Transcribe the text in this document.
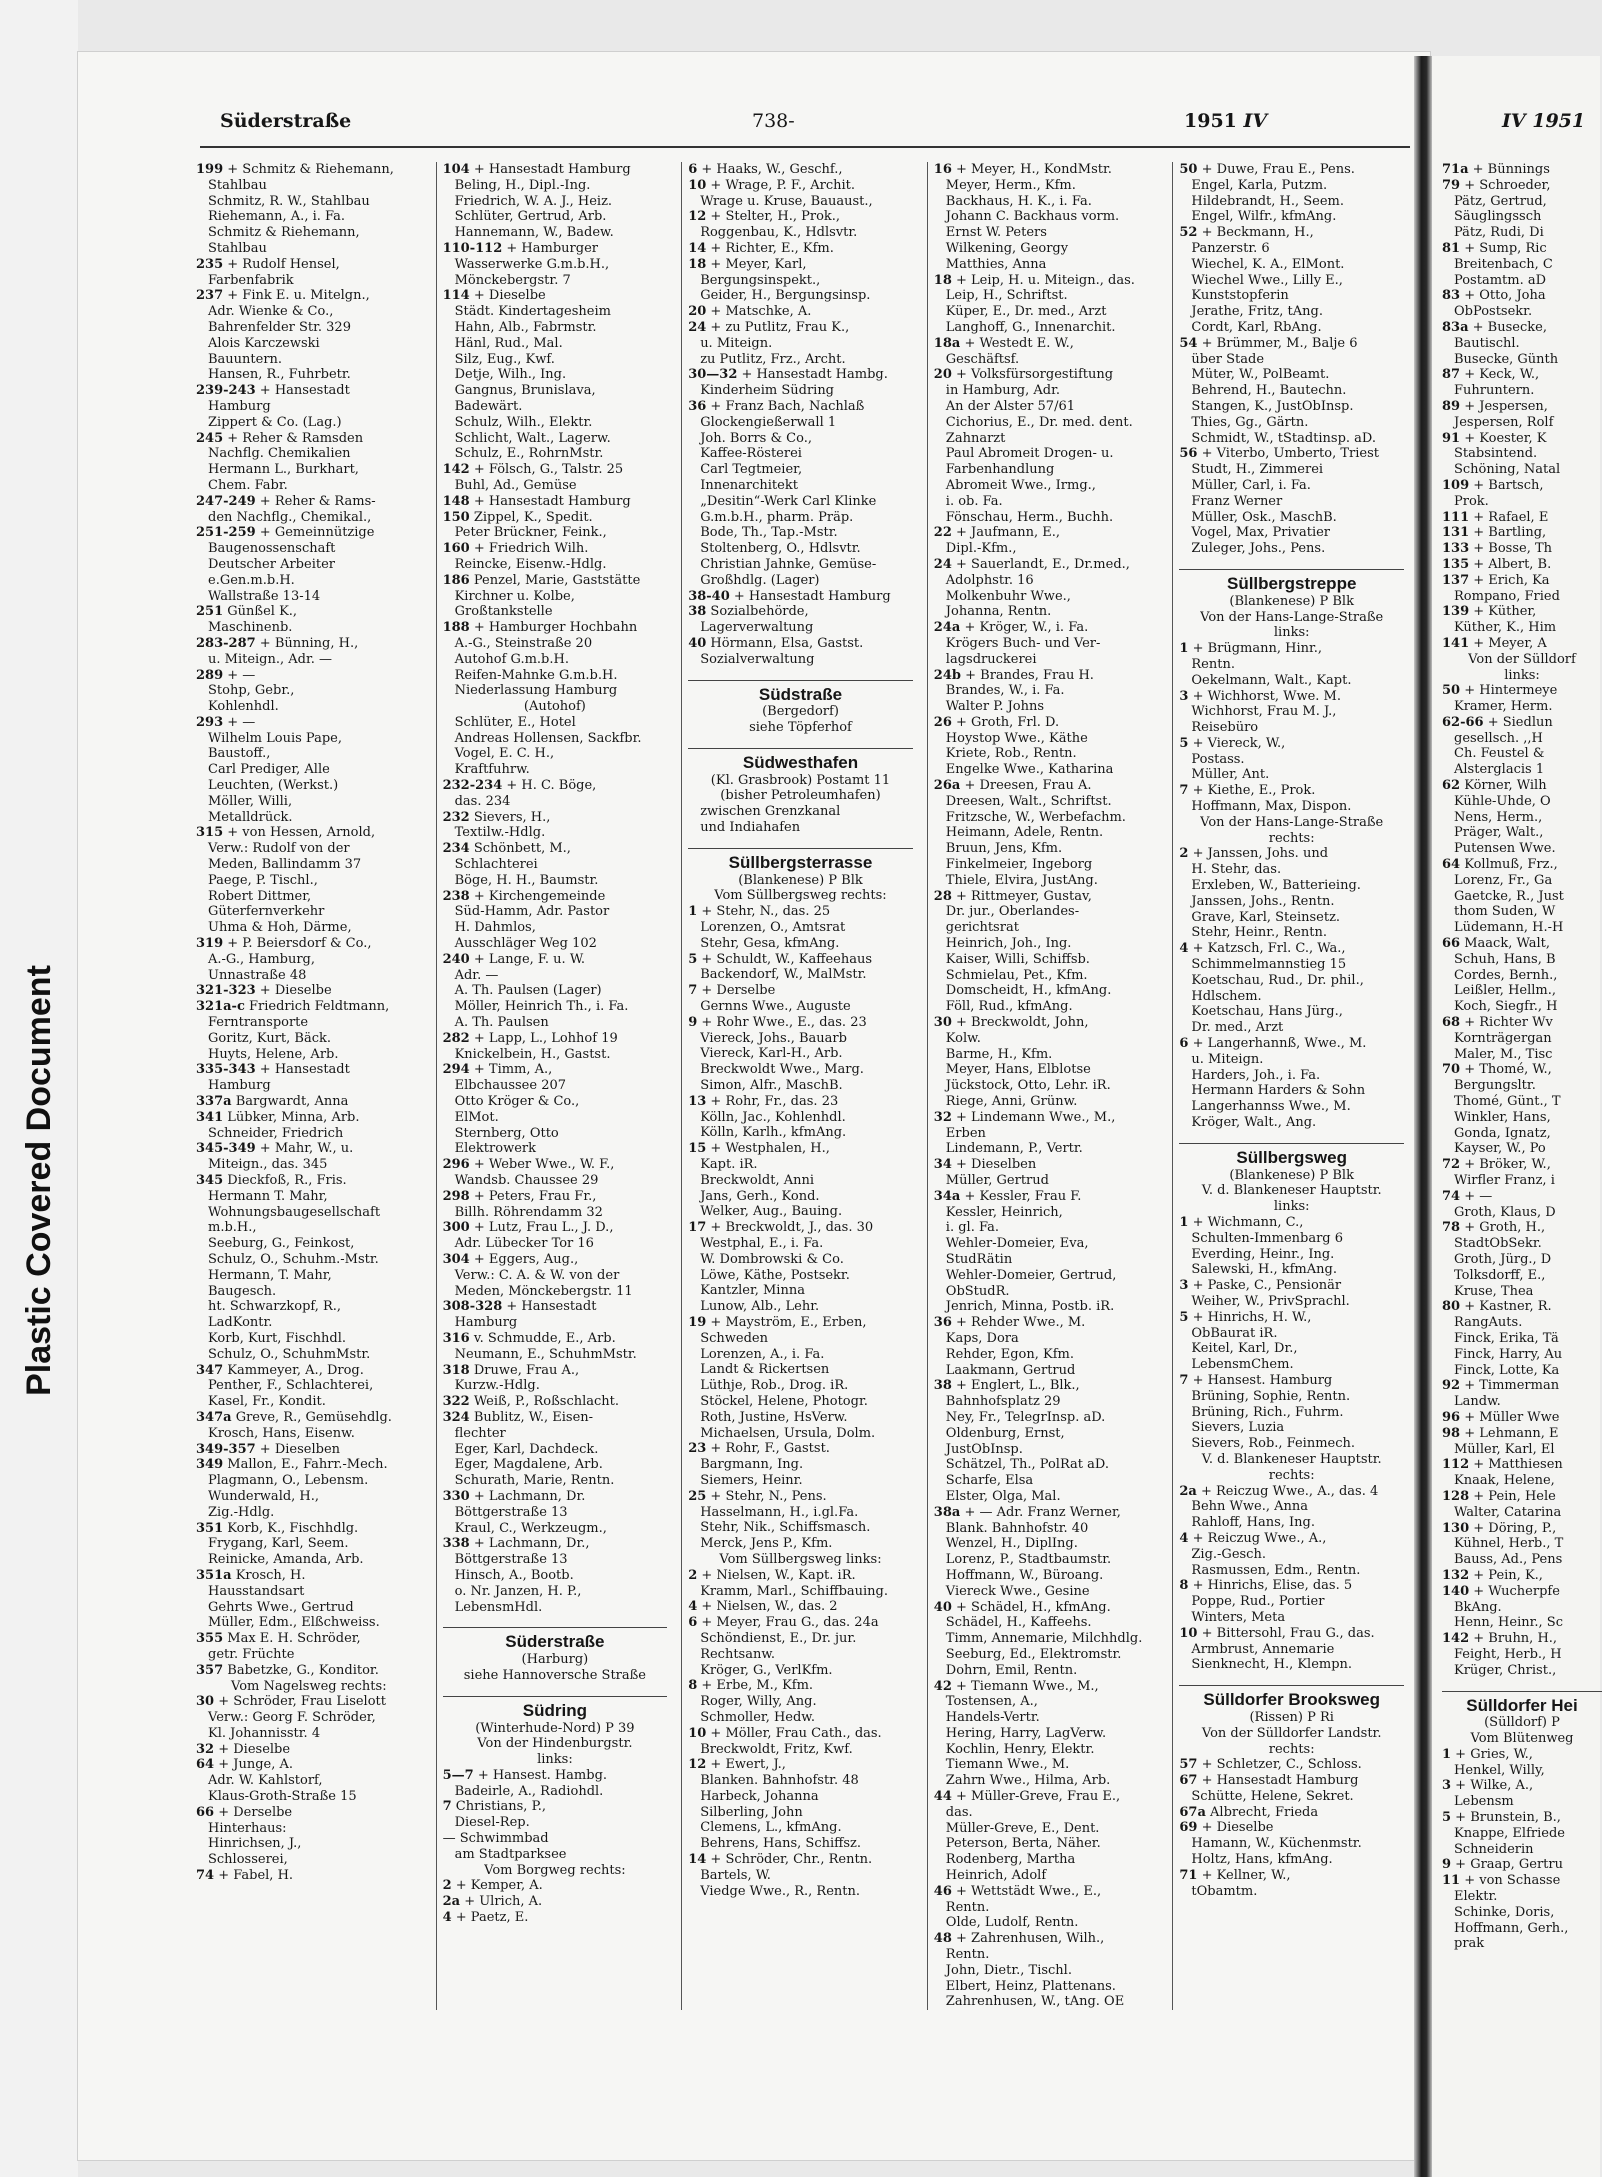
Plastic Covered Document
Süderstraße	738-	1951 IV
199 + Schmitz & Riehemann,
Stahlbau
Schmitz, R. W., Stahlbau
Riehemann, A., i. Fa.
Schmitz & Riehemann,
Stahlbau
235 + Rudolf Hensel,
Farbenfabrik
237 + Fink E. u. Mitelgn.,
Adr. Wienke & Co.,
Bahrenfelder Str. 329
Alois Karczewski
Bauuntern.
Hansen, R., Fuhrbetr.
239-243 + Hansestadt
Hamburg
Zippert & Co. (Lag.)
245 + Reher & Ramsden
Nachflg. Chemikalien
Hermann L., Burkhart,
Chem. Fabr.
247-249 + Reher & Rams-
den Nachflg., Chemikal.,
251-259 + Gemeinnützige
Baugenossenschaft
Deutscher Arbeiter
e.Gen.m.b.H.
Wallstraße 13-14
251 Günßel K.,
Maschinenb.
283-287 + Bünning, H.,
u. Miteign., Adr. —
289 + —
Stohp, Gebr.,
Kohlenhdl.
293 + —
Wilhelm Louis Pape,
Baustoff.,
Carl Prediger, Alle
Leuchten, (Werkst.)
Möller, Willi,
Metalldrück.
315 + von Hessen, Arnold,
Verw.: Rudolf von der
Meden, Ballindamm 37
Paege, P. Tischl.,
Robert Dittmer,
Güterfernverkehr
Uhma & Hoh, Därme,
319 + P. Beiersdorf & Co.,
A.-G., Hamburg,
Unnastraße 48
321-323 + Dieselbe
321a-c Friedrich Feldtmann,
Ferntransporte
Goritz, Kurt, Bäck.
Huyts, Helene, Arb.
335-343 + Hansestadt
Hamburg
337a Bargwardt, Anna
341 Lübker, Minna, Arb.
Schneider, Friedrich
345-349 + Mahr, W., u.
Miteign., das. 345
345 Dieckfoß, R., Fris.
Hermann T. Mahr,
Wohnungsbaugesellschaft
m.b.H.,
Seeburg, G., Feinkost,
Schulz, O., Schuhm.-Mstr.
Hermann, T. Mahr,
Baugesch.
ht. Schwarzkopf, R.,
LadKontr.
Korb, Kurt, Fischhdl.
Schulz, O., SchuhmMstr.
347 Kammeyer, A., Drog.
Penther, F., Schlachterei,
Kasel, Fr., Kondit.
347a Greve, R., Gemüsehdlg.
Krosch, Hans, Eisenw.
349-357 + Dieselben
349 Mallon, E., Fahrr.-Mech.
Plagmann, O., Lebensm.
Wunderwald, H.,
Zig.-Hdlg.
351 Korb, K., Fischhdlg.
Frygang, Karl, Seem.
Reinicke, Amanda, Arb.
351a Krosch, H.
Hausstandsart
Gehrts Wwe., Gertrud
Müller, Edm., Elßchweiss.
355 Max E. H. Schröder,
getr. Früchte
357 Babetzke, G., Konditor.
Vom Nagelsweg rechts:
30 + Schröder, Frau Liselott
Verw.: Georg F. Schröder,
Kl. Johannisstr. 4
32 + Dieselbe
64 + Junge, A.
Adr. W. Kahlstorf,
Klaus-Groth-Straße 15
66 + Derselbe
Hinterhaus:
Hinrichsen, J.,
Schlosserei,
74 + Fabel, H.
104 + Hansestadt Hamburg
Beling, H., Dipl.-Ing.
Friedrich, W. A. J., Heiz.
Schlüter, Gertrud, Arb.
Hannemann, W., Badew.
110-112 + Hamburger
Wasserwerke G.m.b.H.,
Mönckebergstr. 7
114 + Dieselbe
Städt. Kindertagesheim
Hahn, Alb., Fabrmstr.
Hänl, Rud., Mal.
Silz, Eug., Kwf.
Detje, Wilh., Ing.
Gangnus, Brunislava,
Badewärt.
Schulz, Wilh., Elektr.
Schlicht, Walt., Lagerw.
Schulz, E., RohrnMstr.
142 + Fölsch, G., Talstr. 25
Buhl, Ad., Gemüse
148 + Hansestadt Hamburg
150 Zippel, K., Spedit.
Peter Brückner, Feink.,
160 + Friedrich Wilh.
Reincke, Eisenw.-Hdlg.
186 Penzel, Marie, Gaststätte
Kirchner u. Kolbe,
Großtankstelle
188 + Hamburger Hochbahn
A.-G., Steinstraße 20
Autohof G.m.b.H.
Reifen-Mahnke G.m.b.H.
Niederlassung Hamburg
(Autohof)
Schlüter, E., Hotel
Andreas Hollensen, Sackfbr.
Vogel, E. C. H.,
Kraftfuhrw.
232-234 + H. C. Böge,
das. 234
232 Sievers, H.,
Textilw.-Hdlg.
234 Schönbett, M.,
Schlachterei
Böge, H. H., Baumstr.
238 + Kirchengemeinde
Süd-Hamm, Adr. Pastor
H. Dahmlos,
Ausschläger Weg 102
240 + Lange, F. u. W.
Adr. —
A. Th. Paulsen (Lager)
Möller, Heinrich Th., i. Fa.
A. Th. Paulsen
282 + Lapp, L., Lohhof 19
Knickelbein, H., Gastst.
294 + Timm, A.,
Elbchaussee 207
Otto Kröger & Co.,
ElMot.
Sternberg, Otto
Elektrowerk
296 + Weber Wwe., W. F.,
Wandsb. Chaussee 29
298 + Peters, Frau Fr.,
Billh. Röhrendamm 32
300 + Lutz, Frau L., J. D.,
Adr. Lübecker Tor 16
304 + Eggers, Aug.,
Verw.: C. A. & W. von der
Meden, Mönckebergstr. 11
308-328 + Hansestadt
Hamburg
316 v. Schmudde, E., Arb.
Neumann, E., SchuhmMstr.
318 Druwe, Frau A.,
Kurzw.-Hdlg.
322 Weiß, P., Roßschlacht.
324 Bublitz, W., Eisen-
flechter
Eger, Karl, Dachdeck.
Eger, Magdalene, Arb.
Schurath, Marie, Rentn.
330 + Lachmann, Dr.
Böttgerstraße 13
Kraul, C., Werkzeugm.,
338 + Lachmann, Dr.,
Böttgerstraße 13
Hinsch, A., Bootb.
o. Nr. Janzen, H. P.,
LebensmHdl.
Süderstraße
(Harburg)
siehe Hannoversche Straße
Südring
(Winterhude-Nord) P 39
Von der Hindenburgstr.
links:
5—7 + Hansest. Hambg.
Badeirle, A., Radiohdl.
7 Christians, P.,
Diesel-Rep.
— Schwimmbad
am Stadtparksee
Vom Borgweg rechts:
2 + Kemper, A.
2a + Ulrich, A.
4 + Paetz, E.
6 + Haaks, W., Geschf.,
10 + Wrage, P. F., Archit.
Wrage u. Kruse, Bauaust.,
12 + Stelter, H., Prok.,
Roggenbau, K., Hdlsvtr.
14 + Richter, E., Kfm.
18 + Meyer, Karl,
Bergungsinspekt.,
Geider, H., Bergungsinsp.
20 + Matschke, A.
24 + zu Putlitz, Frau K.,
u. Miteign.
zu Putlitz, Frz., Archt.
30—32 + Hansestadt Hambg.
Kinderheim Südring
36 + Franz Bach, Nachlaß
Glockengießerwall 1
Joh. Borrs & Co.,
Kaffee-Rösterei
Carl Tegtmeier,
Innenarchitekt
„Desitin“-Werk Carl Klinke
G.m.b.H., pharm. Präp.
Bode, Th., Tap.-Mstr.
Stoltenberg, O., Hdlsvtr.
Christian Jahnke, Gemüse-
Großhdlg. (Lager)
38-40 + Hansestadt Hamburg
38 Sozialbehörde,
Lagerverwaltung
40 Hörmann, Elsa, Gastst.
Sozialverwaltung
Südstraße
(Bergedorf)
siehe Töpferhof
Südwesthafen
(Kl. Grasbrook) Postamt 11
(bisher Petroleumhafen)
zwischen Grenzkanal
und Indiahafen
Süllbergsterrasse
(Blankenese) P Blk
Vom Süllbergsweg rechts:
1 + Stehr, N., das. 25
Lorenzen, O., Amtsrat
Stehr, Gesa, kfmAng.
5 + Schuldt, W., Kaffeehaus
Backendorf, W., MalMstr.
7 + Derselbe
Gernns Wwe., Auguste
9 + Rohr Wwe., E., das. 23
Viereck, Johs., Bauarb
Viereck, Karl-H., Arb.
Breckwoldt Wwe., Marg.
Simon, Alfr., MaschB.
13 + Rohr, Fr., das. 23
Kölln, Jac., Kohlenhdl.
Kölln, Karlh., kfmAng.
15 + Westphalen, H.,
Kapt. iR.
Breckwoldt, Anni
Jans, Gerh., Kond.
Welker, Aug., Bauing.
17 + Breckwoldt, J., das. 30
Westphal, E., i. Fa.
W. Dombrowski & Co.
Löwe, Käthe, Postsekr.
Kantzler, Minna
Lunow, Alb., Lehr.
19 + Mayström, E., Erben,
Schweden
Lorenzen, A., i. Fa.
Landt & Rickertsen
Lüthje, Rob., Drog. iR.
Stöckel, Helene, Photogr.
Roth, Justine, HsVerw.
Michaelsen, Ursula, Dolm.
23 + Rohr, F., Gastst.
Bargmann, Ing.
Siemers, Heinr.
25 + Stehr, N., Pens.
Hasselmann, H., i.gl.Fa.
Stehr, Nik., Schiffsmasch.
Merck, Jens P., Kfm.
Vom Süllbergsweg links:
2 + Nielsen, W., Kapt. iR.
Kramm, Marl., Schiffbauing.
4 + Nielsen, W., das. 2
6 + Meyer, Frau G., das. 24a
Schöndienst, E., Dr. jur.
Rechtsanw.
Kröger, G., VerlKfm.
8 + Erbe, M., Kfm.
Roger, Willy, Ang.
Schmoller, Hedw.
10 + Möller, Frau Cath., das.
Breckwoldt, Fritz, Kwf.
12 + Ewert, J.,
Blanken. Bahnhofstr. 48
Harbeck, Johanna
Silberling, John
Clemens, L., kfmAng.
Behrens, Hans, Schiffsz.
14 + Schröder, Chr., Rentn.
Bartels, W.
Viedge Wwe., R., Rentn.
16 + Meyer, H., KondMstr.
Meyer, Herm., Kfm.
Backhaus, H. K., i. Fa.
Johann C. Backhaus vorm.
Ernst W. Peters
Wilkening, Georgy
Matthies, Anna
18 + Leip, H. u. Miteign., das.
Leip, H., Schriftst.
Küper, E., Dr. med., Arzt
Langhoff, G., Innenarchit.
18a + Westedt E. W.,
Geschäftsf.
20 + Volksfürsorgestiftung
in Hamburg, Adr.
An der Alster 57/61
Cichorius, E., Dr. med. dent.
Zahnarzt
Paul Abromeit Drogen- u.
Farbenhandlung
Abromeit Wwe., Irmg.,
i. ob. Fa.
Fönschau, Herm., Buchh.
22 + Jaufmann, E.,
Dipl.-Kfm.,
24 + Sauerlandt, E., Dr.med.,
Adolphstr. 16
Molkenbuhr Wwe.,
Johanna, Rentn.
24a + Kröger, W., i. Fa.
Krögers Buch- und Ver-
lagsdruckerei
24b + Brandes, Frau H.
Brandes, W., i. Fa.
Walter P. Johns
26 + Groth, Frl. D.
Hoystop Wwe., Käthe
Kriete, Rob., Rentn.
Engelke Wwe., Katharina
26a + Dreesen, Frau A.
Dreesen, Walt., Schriftst.
Fritzsche, W., Werbefachm.
Heimann, Adele, Rentn.
Bruun, Jens, Kfm.
Finkelmeier, Ingeborg
Thiele, Elvira, JustAng.
28 + Rittmeyer, Gustav,
Dr. jur., Oberlandes-
gerichtsrat
Heinrich, Joh., Ing.
Kaiser, Willi, Schiffsb.
Schmielau, Pet., Kfm.
Domscheidt, H., kfmAng.
Föll, Rud., kfmAng.
30 + Breckwoldt, John,
Kolw.
Barme, H., Kfm.
Meyer, Hans, Elblotse
Jückstock, Otto, Lehr. iR.
Riege, Anni, Grünw.
32 + Lindemann Wwe., M.,
Erben
Lindemann, P., Vertr.
34 + Dieselben
Müller, Gertrud
34a + Kessler, Frau F.
Kessler, Heinrich,
i. gl. Fa.
Wehler-Domeier, Eva,
StudRätin
Wehler-Domeier, Gertrud,
ObStudR.
Jenrich, Minna, Postb. iR.
36 + Rehder Wwe., M.
Kaps, Dora
Rehder, Egon, Kfm.
Laakmann, Gertrud
38 + Englert, L., Blk.,
Bahnhofsplatz 29
Ney, Fr., TelegrInsp. aD.
Oldenburg, Ernst,
JustObInsp.
Schätzel, Th., PolRat aD.
Scharfe, Elsa
Elster, Olga, Mal.
38a + — Adr. Franz Werner,
Blank. Bahnhofstr. 40
Wenzel, H., DiplIng.
Lorenz, P., Stadtbaumstr.
Hoffmann, W., Büroang.
Viereck Wwe., Gesine
40 + Schädel, H., kfmAng.
Schädel, H., Kaffeehs.
Timm, Annemarie, Milchhdlg.
Seeburg, Ed., Elektromstr.
Dohrn, Emil, Rentn.
42 + Tiemann Wwe., M.,
Tostensen, A.,
Handels-Vertr.
Hering, Harry, LagVerw.
Kochlin, Henry, Elektr.
Tiemann Wwe., M.
Zahrn Wwe., Hilma, Arb.
44 + Müller-Greve, Frau E.,
das.
Müller-Greve, E., Dent.
Peterson, Berta, Näher.
Rodenberg, Martha
Heinrich, Adolf
46 + Wettstädt Wwe., E.,
Rentn.
Olde, Ludolf, Rentn.
48 + Zahrenhusen, Wilh.,
Rentn.
John, Dietr., Tischl.
Elbert, Heinz, Plattenans.
Zahrenhusen, W., tAng. OE
50 + Duwe, Frau E., Pens.
Engel, Karla, Putzm.
Hildebrandt, H., Seem.
Engel, Wilfr., kfmAng.
52 + Beckmann, H.,
Panzerstr. 6
Wiechel, K. A., ElMont.
Wiechel Wwe., Lilly E.,
Kunststopferin
Jerathe, Fritz, tAng.
Cordt, Karl, RbAng.
54 + Brümmer, M., Balje 6
über Stade
Müter, W., PolBeamt.
Behrend, H., Bautechn.
Stangen, K., JustObInsp.
Thies, Gg., Gärtn.
Schmidt, W., tStadtinsp. aD.
56 + Viterbo, Umberto, Triest
Studt, H., Zimmerei
Müller, Carl, i. Fa.
Franz Werner
Müller, Osk., MaschB.
Vogel, Max, Privatier
Zuleger, Johs., Pens.
Süllbergstreppe
(Blankenese) P Blk
Von der Hans-Lange-Straße
links:
1 + Brügmann, Hinr.,
Rentn.
Oekelmann, Walt., Kapt.
3 + Wichhorst, Wwe. M.
Wichhorst, Frau M. J.,
Reisebüro
5 + Viereck, W.,
Postass.
Müller, Ant.
7 + Kiethe, E., Prok.
Hoffmann, Max, Dispon.
Von der Hans-Lange-Straße
rechts:
2 + Janssen, Johs. und
H. Stehr, das.
Erxleben, W., Batterieing.
Janssen, Johs., Rentn.
Grave, Karl, Steinsetz.
Stehr, Heinr., Rentn.
4 + Katzsch, Frl. C., Wa.,
Schimmelmannstieg 15
Koetschau, Rud., Dr. phil.,
Hdlschem.
Koetschau, Hans Jürg.,
Dr. med., Arzt
6 + Langerhannß, Wwe., M.
u. Miteign.
Harders, Joh., i. Fa.
Hermann Harders & Sohn
Langerhannss Wwe., M.
Kröger, Walt., Ang.
Süllbergsweg
(Blankenese) P Blk
V. d. Blankeneser Hauptstr.
links:
1 + Wichmann, C.,
Schulten-Immenbarg 6
Everding, Heinr., Ing.
Salewski, H., kfmAng.
3 + Paske, C., Pensionär
Weiher, W., PrivSprachl.
5 + Hinrichs, H. W.,
ObBaurat iR.
Keitel, Karl, Dr.,
LebensmChem.
7 + Hansest. Hamburg
Brüning, Sophie, Rentn.
Brüning, Rich., Fuhrm.
Sievers, Luzia
Sievers, Rob., Feinmech.
V. d. Blankeneser Hauptstr.
rechts:
2a + Reiczug Wwe., A., das. 4
Behn Wwe., Anna
Rahloff, Hans, Ing.
4 + Reiczug Wwe., A.,
Zig.-Gesch.
Rasmussen, Edm., Rentn.
8 + Hinrichs, Elise, das. 5
Poppe, Rud., Portier
Winters, Meta
10 + Bittersohl, Frau G., das.
Armbrust, Annemarie
Sienknecht, H., Klempn.
Sülldorfer Brooksweg
(Rissen) P Ri
Von der Sülldorfer Landstr.
rechts:
57 + Schletzer, C., Schloss.
67 + Hansestadt Hamburg
Schütte, Helene, Sekret.
67a Albrecht, Frieda
69 + Dieselbe
Hamann, W., Küchenmstr.
Holtz, Hans, kfmAng.
71 + Kellner, W.,
tObamtm.
IV 1951
71a + Bünnings
79 + Schroeder,
Pätz, Gertrud,
Säuglingssch
Pätz, Rudi, Di
81 + Sump, Ric
Breitenbach, C
Postamtm. aD
83 + Otto, Joha
ObPostsekr.
83a + Busecke,
Bautischl.
Busecke, Günth
87 + Keck, W.,
Fuhruntern.
89 + Jespersen,
Jespersen, Rolf
91 + Koester, K
Stabsintend.
Schöning, Natal
109 + Bartsch,
Prok.
111 + Rafael, E
131 + Bartling,
133 + Bosse, Th
135 + Albert, B.
137 + Erich, Ka
Rompano, Fried
139 + Küther,
Küther, K., Him
141 + Meyer, A
Von der Sülldorf
links:
50 + Hintermeye
Kramer, Herm.
62-66 + Siedlun
gesellsch. ,,H
Ch. Feustel &
Alsterglacis 1
62 Körner, Wilh
Kühle-Uhde, O
Nens, Herm.,
Präger, Walt.,
Putensen Wwe.
64 Kollmuß, Frz.,
Lorenz, Fr., Ga
Gaetcke, R., Just
thom Suden, W
Lüdemann, H.-H
66 Maack, Walt,
Schuh, Hans, B
Cordes, Bernh.,
Leißler, Hellm.,
Koch, Siegfr., H
68 + Richter Wv
Kornträgergan
Maler, M., Tisc
70 + Thomé, W.,
Bergungsltr.
Thomé, Günt., T
Winkler, Hans,
Gonda, Ignatz,
Kayser, W., Po
72 + Bröker, W.,
Wirfler Franz, i
74 + —
Groth, Klaus, D
78 + Groth, H.,
StadtObSekr.
Groth, Jürg., D
Tolksdorff, E.,
Kruse, Thea
80 + Kastner, R.
RangAuts.
Finck, Erika, Tä
Finck, Harry, Au
Finck, Lotte, Ka
92 + Timmerman
Landw.
96 + Müller Wwe
98 + Lehmann, E
Müller, Karl, El
112 + Matthiesen
Knaak, Helene,
128 + Pein, Hele
Walter, Catarina
130 + Döring, P.,
Kühnel, Herb., T
Bauss, Ad., Pens
132 + Pein, K.,
140 + Wucherpfe
BkAng.
Henn, Heinr., Sc
142 + Bruhn, H.,
Feight, Herb., H
Krüger, Christ.,
Sülldorfer Hei
(Sülldorf) P
Vom Blütenweg
1 + Gries, W.,
Henkel, Willy,
3 + Wilke, A.,
Lebensm
5 + Brunstein, B.,
Knappe, Elfriede
Schneiderin
9 + Graap, Gertru
11 + von Schasse
Elektr.
Schinke, Doris,
Hoffmann, Gerh.,
prak
